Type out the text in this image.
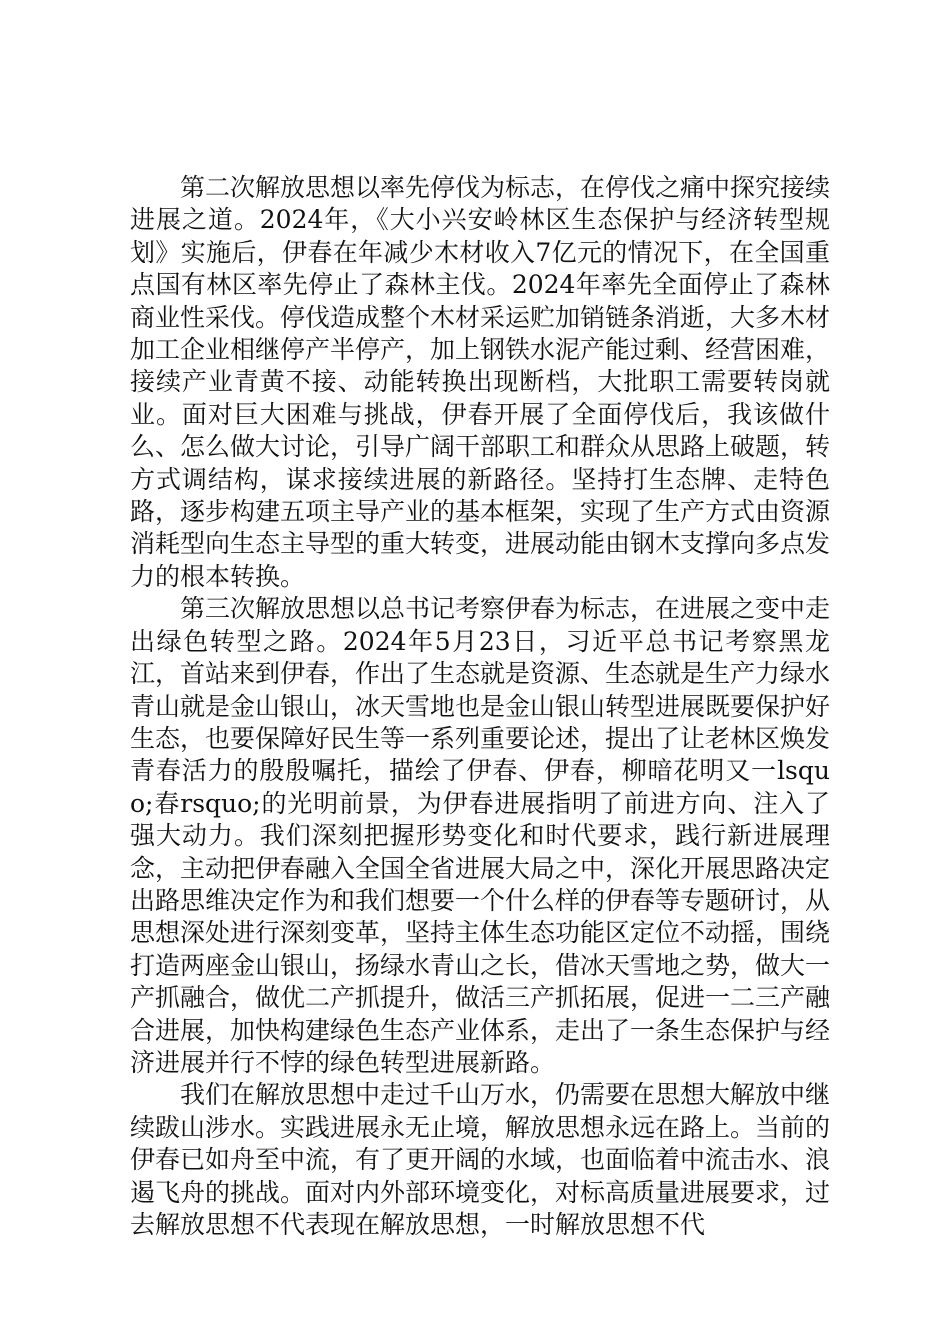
第二次解放思想以率先停伐为标志，在停伐之痛中探究接续进展之道。2024年，《大小兴安岭林区生态保护与经济转型规划》实施后，伊春在年减少木材收入7亿元的情况下，在全国重点国有林区率先停止了森林主伐。2024年率先全面停止了森林商业性采伐。停伐造成整个木材采运贮加销链条消逝，大多木材加工企业相继停产半停产，加上钢铁水泥产能过剩、经营困难，接续产业青黄不接、动能转换出现断档，大批职工需要转岗就业。面对巨大困难与挑战，伊春开展了全面停伐后，我该做什么、怎么做大讨论，引导广阔干部职工和群众从思路上破题，转方式调结构，谋求接续进展的新路径。坚持打生态牌、走特色路，逐步构建五项主导产业的基本框架，实现了生产方式由资源消耗型向生态主导型的重大转变，进展动能由钢木支撑向多点发力的根本转换。

第三次解放思想以总书记考察伊春为标志，在进展之变中走出绿色转型之路。2024年5月23日，习近平总书记考察黑龙江，首站来到伊春，作出了生态就是资源、生态就是生产力绿水青山就是金山银山，冰天雪地也是金山银山转型进展既要保护好生态，也要保障好民生等一系列重要论述，提出了让老林区焕发青春活力的殷殷嘱托，描绘了伊春、伊春，柳暗花明又一lsquo;春rsquo;的光明前景，为伊春进展指明了前进方向、注入了强大动力。我们深刻把握形势变化和时代要求，践行新进展理念，主动把伊春融入全国全省进展大局之中，深化开展思路决定出路思维决定作为和我们想要一个什么样的伊春等专题研讨，从思想深处进行深刻变革，坚持主体生态功能区定位不动摇，围绕打造两座金山银山，扬绿水青山之长，借冰天雪地之势，做大一产抓融合，做优二产抓提升，做活三产抓拓展，促进一二三产融合进展，加快构建绿色生态产业体系，走出了一条生态保护与经济进展并行不悖的绿色转型进展新路。

我们在解放思想中走过千山万水，仍需要在思想大解放中继续跋山涉水。实践进展永无止境，解放思想永远在路上。当前的伊春已如舟至中流，有了更开阔的水域，也面临着中流击水、浪遏飞舟的挑战。面对内外部环境变化，对标高质量进展要求，过去解放思想不代表现在解放思想，一时解放思想不代
